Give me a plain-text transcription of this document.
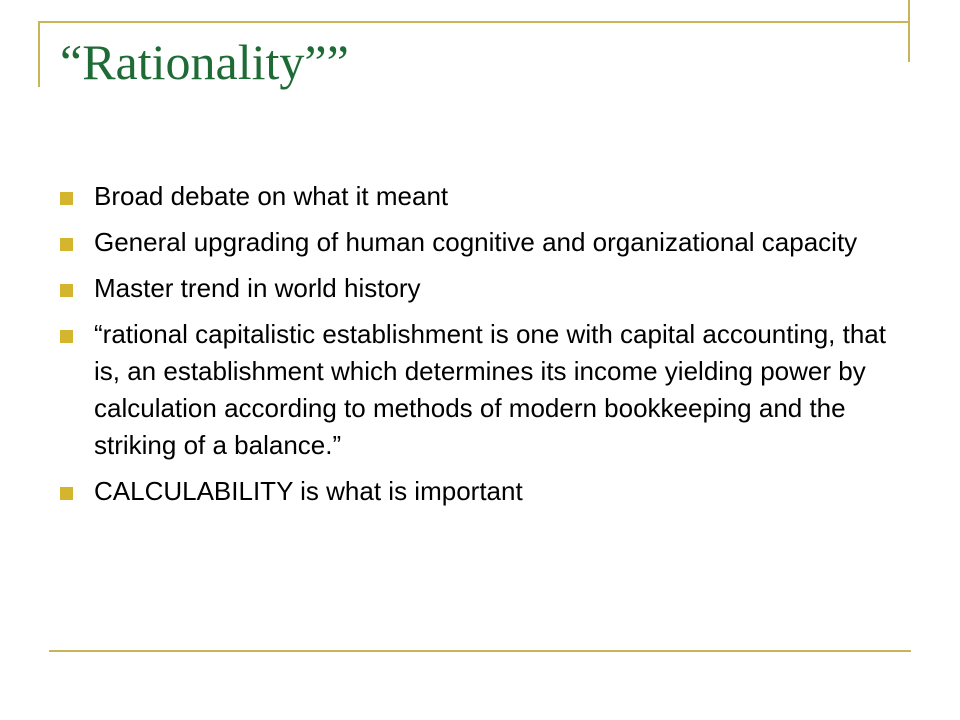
“Rationality””
Broad debate on what it meant
General upgrading of human cognitive and organizational capacity
Master trend in world history
“rational capitalistic establishment is one with capital accounting, that is, an establishment which determines its income yielding power by calculation according to methods of modern bookkeeping and the striking of a balance.”
CALCULABILITY is what is important
